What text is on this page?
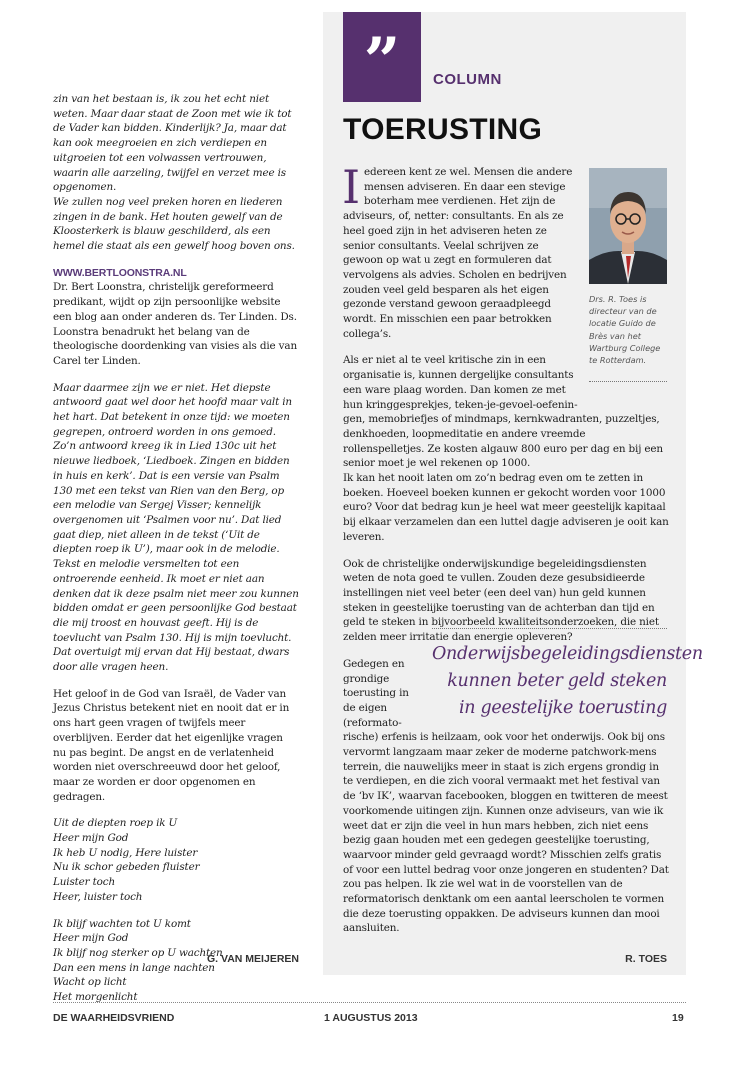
zin van het bestaan is, ik zou het echt niet weten. Maar daar staat de Zoon met wie ik tot de Vader kan bidden. Kinderlijk? Ja, maar dat kan ook meegroeien en zich verdiepen en uitgroeien tot een volwassen vertrouwen, waarin alle aarzeling, twijfel en verzet mee is opgenomen.

We zullen nog veel preken horen en liederen zingen in de bank. Het houten gewelf van de Kloosterkerk is blauw geschilderd, als een hemel die staat als een gewelf hoog boven ons.

WWW.BERTLOONSTRA.NL

Dr. Bert Loonstra, christelijk gereformeerd predikant, wijdt op zijn persoonlijke website een blog aan onder anderen ds. Ter Linden. Ds. Loonstra benadrukt het belang van de theologische doordenking van visies als die van Carel ter Linden.

Maar daarmee zijn we er niet. Het diepste antwoord gaat wel door het hoofd maar valt in het hart. Dat betekent in onze tijd: we moeten gegrepen, ontroerd worden in ons gemoed.

Zo’n antwoord kreeg ik in Lied 130c uit het nieuwe liedboek, ‘Liedboek. Zingen en bidden in huis en kerk’. Dat is een versie van Psalm 130 met een tekst van Rien van den Berg, op een melodie van Sergej Visser; kennelijk overgenomen uit ‘Psalmen voor nu’. Dat lied gaat diep, niet alleen in de tekst (‘Uit de diepten roep ik U’), maar ook in de melodie. Tekst en melodie versmelten tot een ontroerende eenheid. Ik moet er niet aan denken dat ik deze psalm niet meer zou kunnen bidden omdat er geen persoonlijke God bestaat die mij troost en houvast geeft. Hij is de toevlucht van Psalm 130. Hij is mijn toevlucht. Dat overtuigt mij ervan dat Hij bestaat, dwars door alle vragen heen.

Het geloof in de God van Israël, de Vader van Jezus Christus betekent niet en nooit dat er in ons hart geen vragen of twijfels meer overblijven. Eerder dat het eigenlijke vragen nu pas begint. De angst en de verlatenheid worden niet overschreeuwd door het geloof, maar ze worden er door opgenomen en gedragen.

Uit de diepten roep ik U

Heer mijn God

Ik heb U nodig, Here luister

Nu ik schor gebeden fluister

Luister toch

Heer, luister toch

Ik blijf wachten tot U komt

Heer mijn God

Ik blijf nog sterker op U wachten

Dan een mens in lange nachten

Wacht op licht

Het morgenlicht

G. VAN MEIJEREN
”	COLUMN
TOERUSTING

Iedereen kent ze wel. Mensen die andere mensen adviseren. En daar een stevige boterham mee verdienen. Het zijn de adviseurs, of, netter: consultants. En als ze heel goed zijn in het adviseren heten ze senior consultants. Veelal schrijven ze gewoon op wat u zegt en formuleren dat vervolgens als advies. Scholen en bedrijven zouden veel geld besparen als het eigen gezonde verstand gewoon geraadpleegd wordt. En misschien een paar betrokken collega’s.

Als er niet al te veel kritische zin in een organisatie is, kunnen dergelijke consultants een ware plaag worden. Dan komen ze met hun kringgesprekjes, teken-je-gevoel-oefenin-

gen, memobriefjes of mindmaps, kernkwadranten, puzzeltjes, denkhoeden, loopmeditatie en andere vreemde rollenspelletjes. Ze kosten algauw 800 euro per dag en bij een senior moet je wel rekenen op 1000.

Ik kan het nooit laten om zo’n bedrag even om te zetten in boeken. Hoeveel boeken kunnen er gekocht worden voor 1000 euro? Voor dat bedrag kun je heel wat meer geestelijk kapitaal bij elkaar verzamelen dan een luttel dagje adviseren je ooit kan leveren.

Ook de christelijke onderwijskundige begeleidingsdiensten weten de nota goed te vullen. Zouden deze gesubsidieerde instellingen niet veel beter (een deel van) hun geld kunnen steken in geestelijke toerusting van de achterban dan tijd en geld te steken in bijvoorbeeld kwaliteitsonderzoeken, die niet zelden meer irritatie dan energie opleveren?

Gedegen en grondige toerusting in de eigen (reformato-

rische) erfenis is heilzaam, ook voor het onderwijs. Ook bij ons vervormt langzaam maar zeker de moderne patchwork-mens terrein, die nauwelijks meer in staat is zich ergens grondig in te verdiepen, en die zich vooral vermaakt met het festival van de ‘bv IK’, waarvan facebooken, bloggen en twitteren de meest voorkomende uitingen zijn. Kunnen onze adviseurs, van wie ik weet dat er zijn die veel in hun mars hebben, zich niet eens bezig gaan houden met een gedegen geestelijke toerusting, waarvoor minder geld gevraagd wordt? Misschien zelfs gratis of voor een luttel bedrag voor onze jongeren en studenten? Dat zou pas helpen. Ik zie wel wat in de voorstellen van de reformatorisch denktank om een aantal leerscholen te vormen die deze toerusting oppakken. De adviseurs kunnen dan mooi aansluiten.

Drs. R. Toes is directeur van de locatie Guido de Brès van het Wartburg College te Rotterdam.
Onderwijsbegeleidingsdiensten kunnen beter geld steken in geestelijke toerusting
R. TOES
DE WAARHEIDSVRIEND	1 AUGUSTUS 2013	19
